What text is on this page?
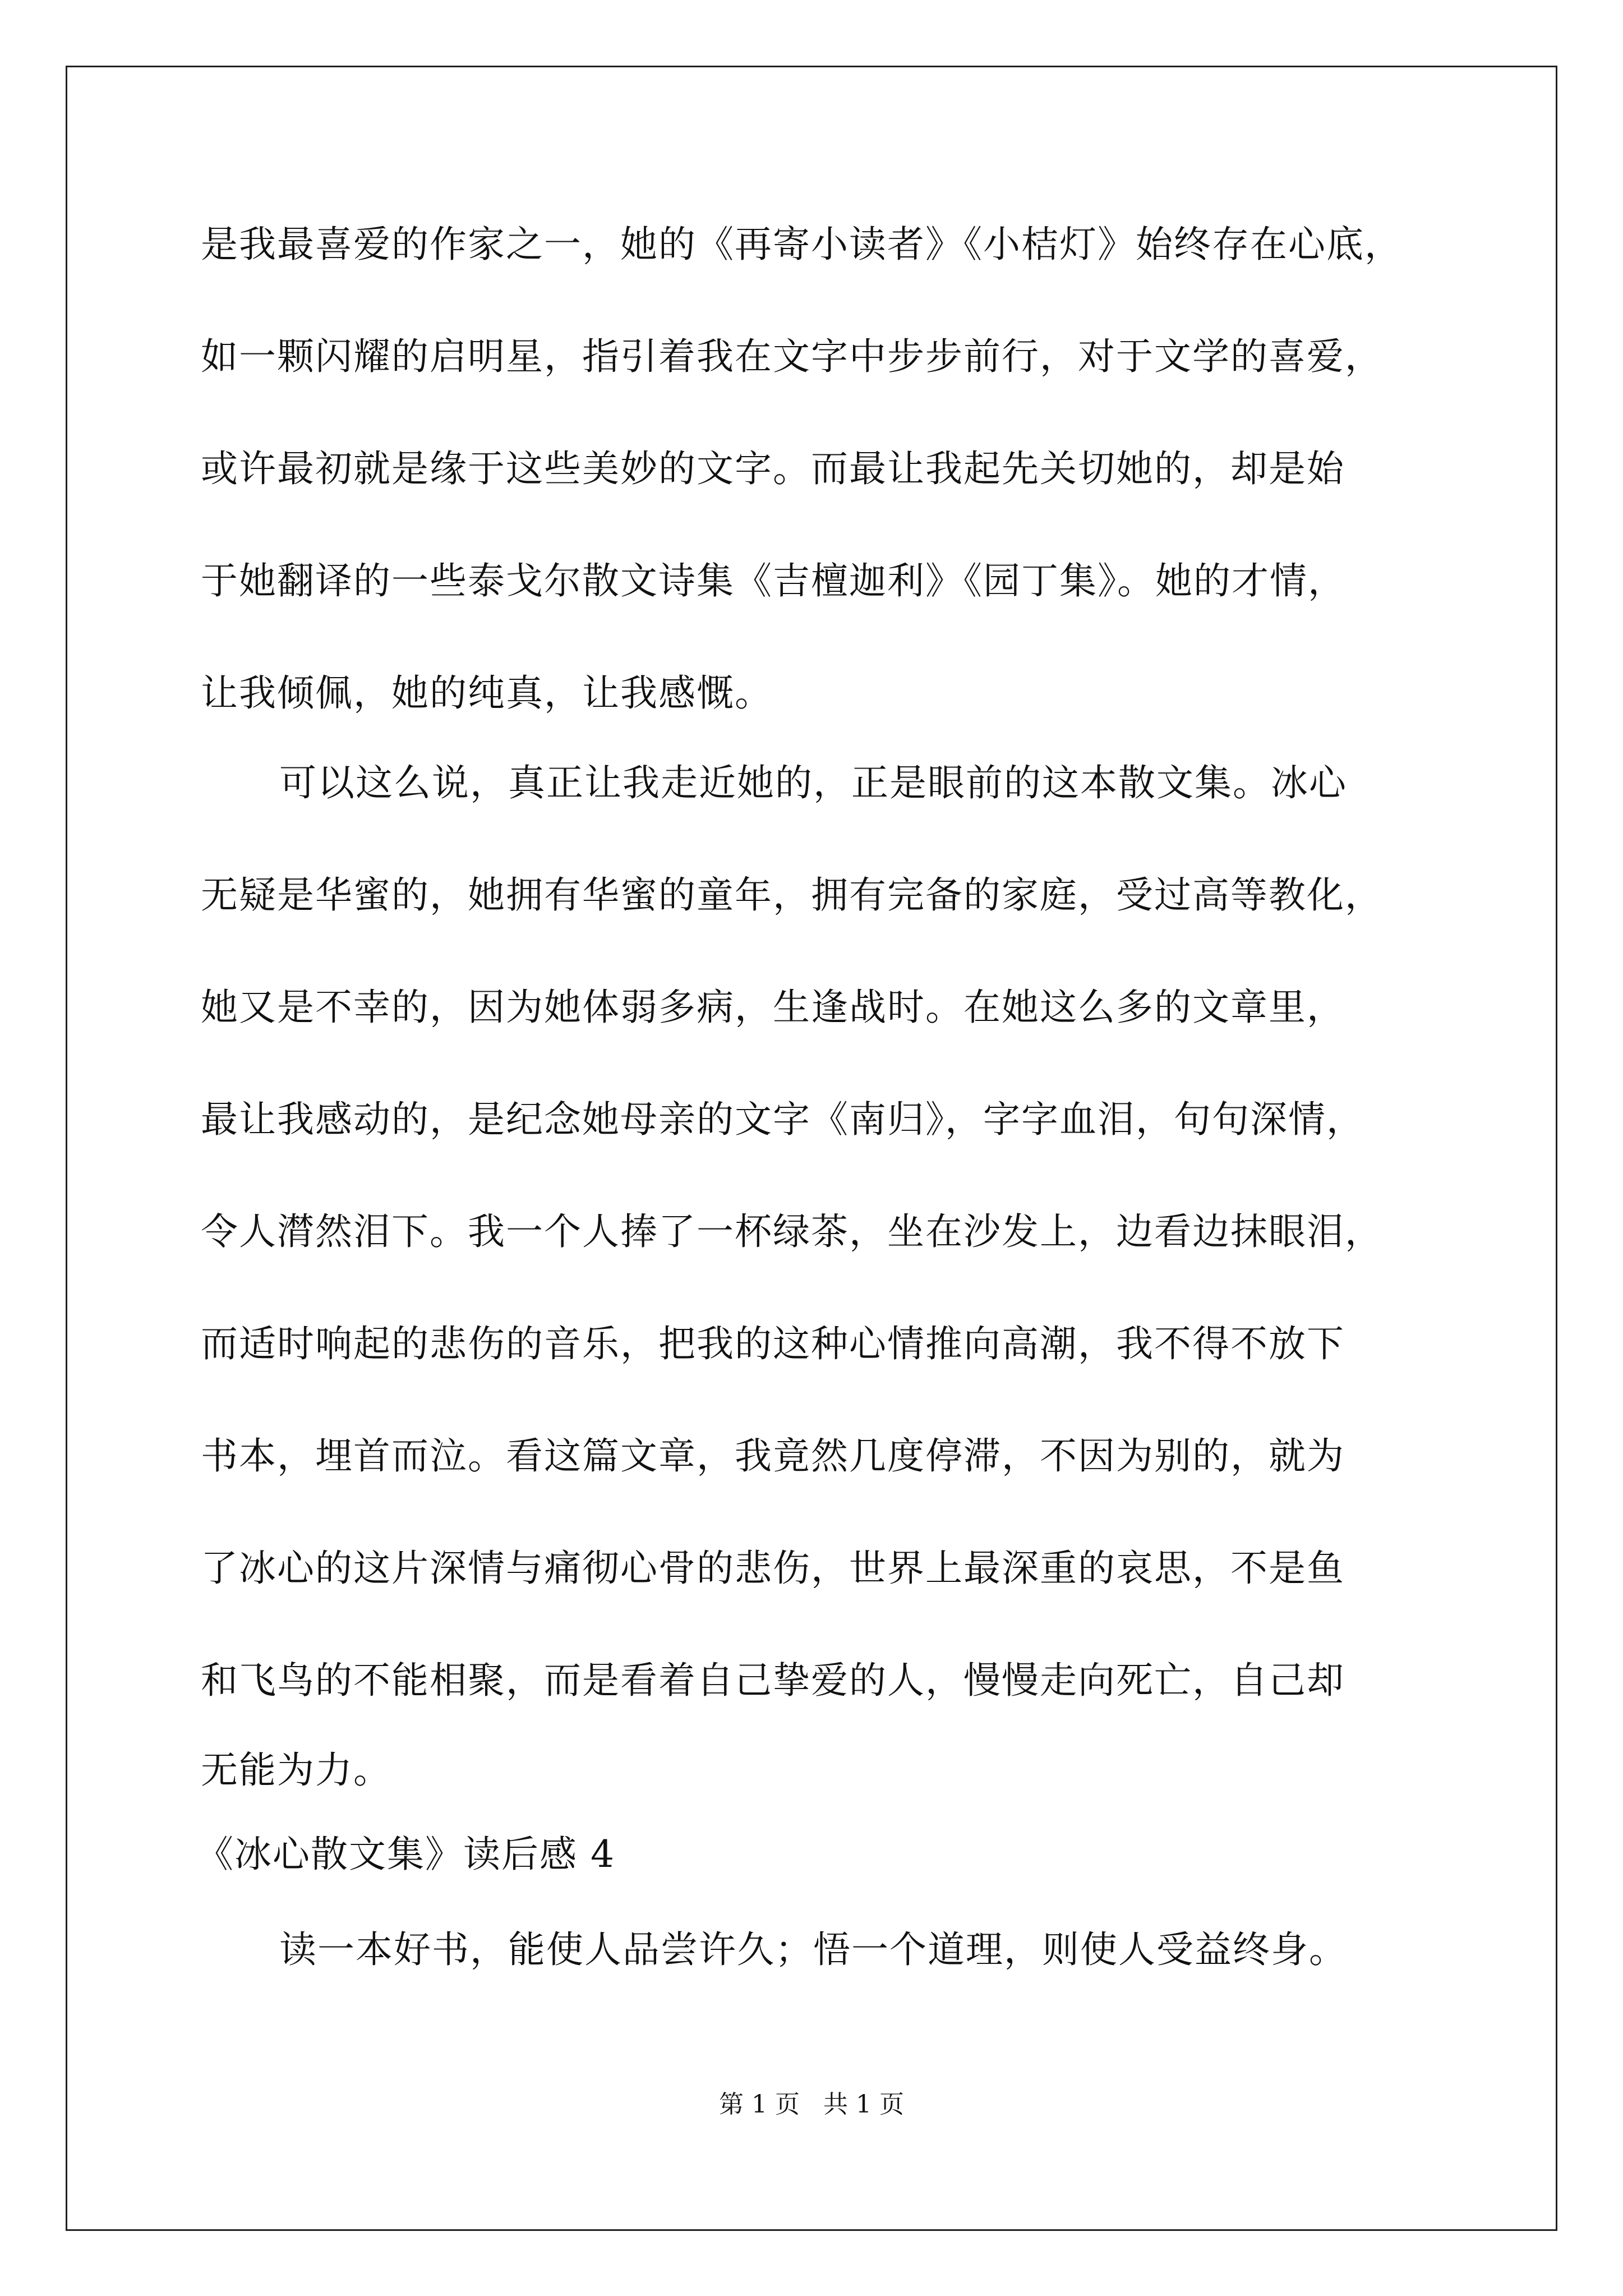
是我最喜爱的作家之一，她的《再寄小读者》《小桔灯》始终存在心底，
如一颗闪耀的启明星，指引着我在文字中步步前行，对于文学的喜爱，
或许最初就是缘于这些美妙的文字。而最让我起先关切她的，却是始
于她翻译的一些泰戈尔散文诗集《吉檀迦利》《园丁集》。她的才情，
让我倾佩，她的纯真，让我感慨。
可以这么说，真正让我走近她的，正是眼前的这本散文集。冰心
无疑是华蜜的，她拥有华蜜的童年，拥有完备的家庭，受过高等教化，
她又是不幸的，因为她体弱多病，生逢战时。在她这么多的文章里，
最让我感动的，是纪念她母亲的文字《南归》，字字血泪，句句深情，
令人潸然泪下。我一个人捧了一杯绿茶，坐在沙发上，边看边抹眼泪，
而适时响起的悲伤的音乐，把我的这种心情推向高潮，我不得不放下
书本，埋首而泣。看这篇文章，我竟然几度停滞，不因为别的，就为
了冰心的这片深情与痛彻心骨的悲伤，世界上最深重的哀思，不是鱼
和飞鸟的不能相聚，而是看着自己挚爱的人，慢慢走向死亡，自己却
无能为力。
《冰心散文集》读后感 4
读一本好书，能使人品尝许久；悟一个道理，则使人受益终身。
第 1 页   共 1 页
